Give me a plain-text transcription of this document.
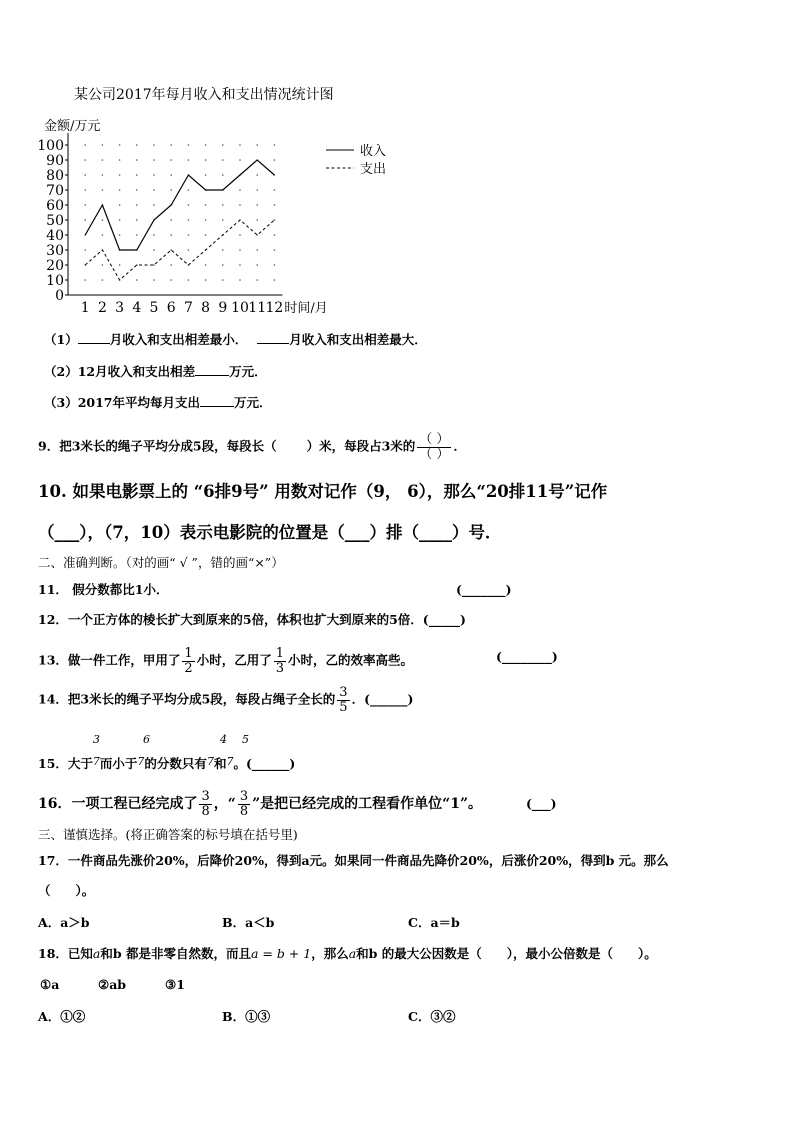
某公司2017年每月收入和支出情况统计图
0
10
20
30
40
50
60
70
80
90
100
1 2 3 4 5 6 7 8 9 10 11 12
金额/万元
时间/月
收入
支出
（1）	月收入和支出相差最小．	月收入和支出相差最大．
（2）12月收入和支出相差	万元．
（3）2017年平均每月支出	万元．
9．把3米长的绳子平均分成5段，每段长（ ）米，每段占3米的 $\frac{( )}{( )}$ ．
10. 如果电影票上的 “6排9号” 用数对记作（9， 6），那么“20排11号”记作
（___），（7，10）表示电影院的位置是（___）排（____）号．
二、准确判断。（对的画“ √ ”，错的画“×”）
11． 假分数都比1小．	(_______)
12．一个正方体的棱长扩大到原来的5倍，体积也扩大到原来的5倍．(_____)
13．做一件工作，甲用了 $\frac{1}{2}$ 小时，乙用了 $\frac{1}{3}$ 小时，乙的效率高些。	(________)
14．把3米长的绳子平均分成5段，每段占绳子全长的 $\frac{3}{5}$ ．(______)
3	6	4 5
15．大于7而小于7的分数只有7和7。(______)
16．一项工程已经完成了 $\frac{3}{8}$ ，“ $\frac{3}{8}$ ”是把已经完成的工程看作单位“1”。	(___)
三、谨慎选择。(将正确答案的标号填在括号里)
17．一件商品先涨价20%，后降价20%，得到a元。如果同一件商品先降价20%，后涨价20%，得到b 元。那么
（　　）。
A．a＞b	B．a＜b	C．a＝b
18．已知a和b 都是非零自然数，而且a = b + 1，那么a和b 的最大公因数是（　　），最小公倍数是（　　）。
①a	②ab	③1
A．①②	B．①③	C．③②
